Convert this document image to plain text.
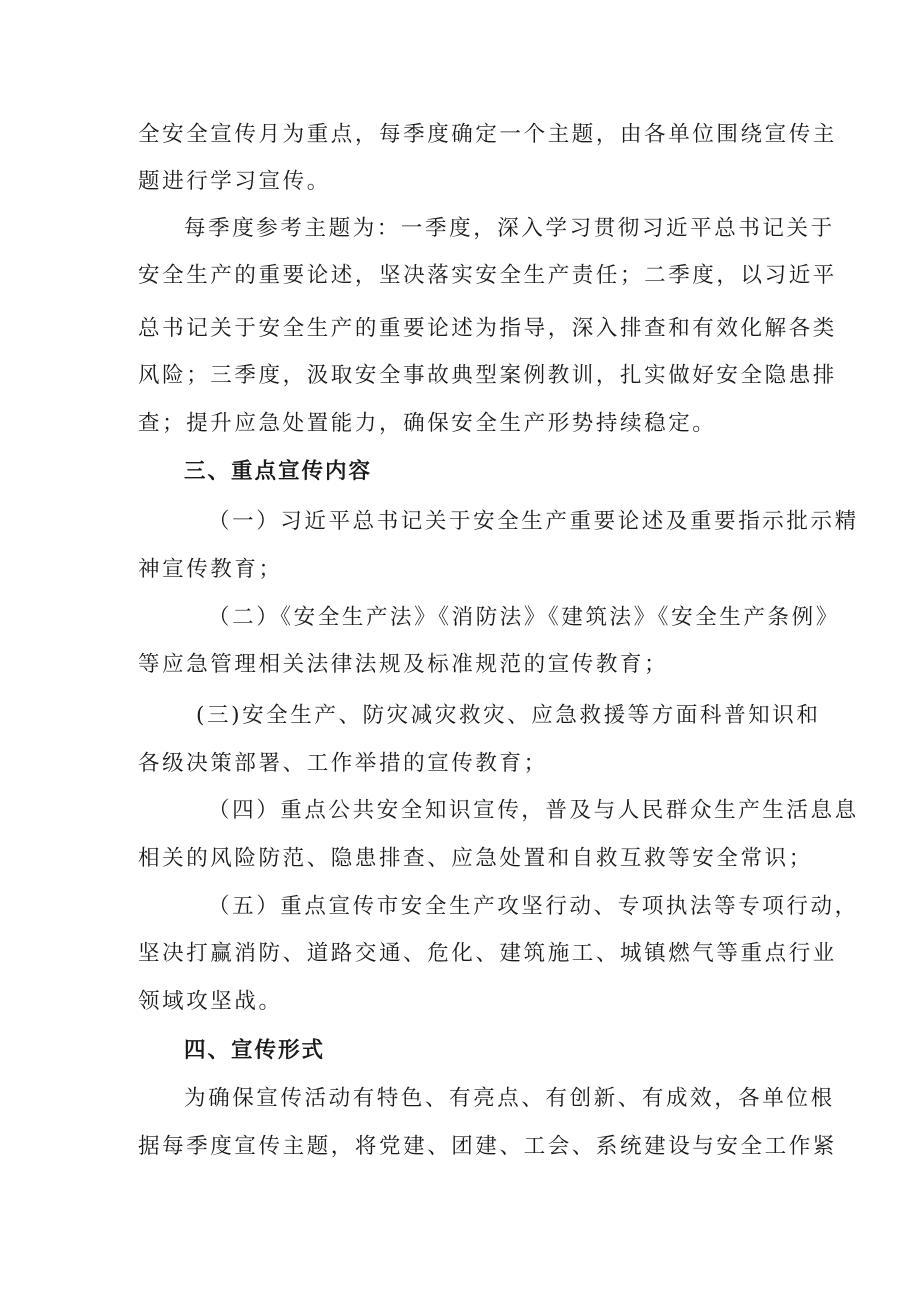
全安全宣传月为重点，每季度确定一个主题，由各单位围绕宣传主
题进行学习宣传。
每季度参考主题为：一季度，深入学习贯彻习近平总书记关于
安全生产的重要论述，坚决落实安全生产责任；二季度，以习近平
总书记关于安全生产的重要论述为指导，深入排查和有效化解各类
风险；三季度，汲取安全事故典型案例教训，扎实做好安全隐患排
查；提升应急处置能力，确保安全生产形势持续稳定。
三、重点宣传内容
（一）习近平总书记关于安全生产重要论述及重要指示批示精
神宣传教育；
（二）《安全生产法》《消防法》《建筑法》《安全生产条例》
等应急管理相关法律法规及标准规范的宣传教育；
(三)安全生产、防灾减灾救灾、应急救援等方面科普知识和
各级决策部署、工作举措的宣传教育；
（四）重点公共安全知识宣传，普及与人民群众生产生活息息
相关的风险防范、隐患排查、应急处置和自救互救等安全常识；
（五）重点宣传市安全生产攻坚行动、专项执法等专项行动，
坚决打赢消防、道路交通、危化、建筑施工、城镇燃气等重点行业
领域攻坚战。
四、宣传形式
为确保宣传活动有特色、有亮点、有创新、有成效，各单位根
据每季度宣传主题，将党建、团建、工会、系统建设与安全工作紧
